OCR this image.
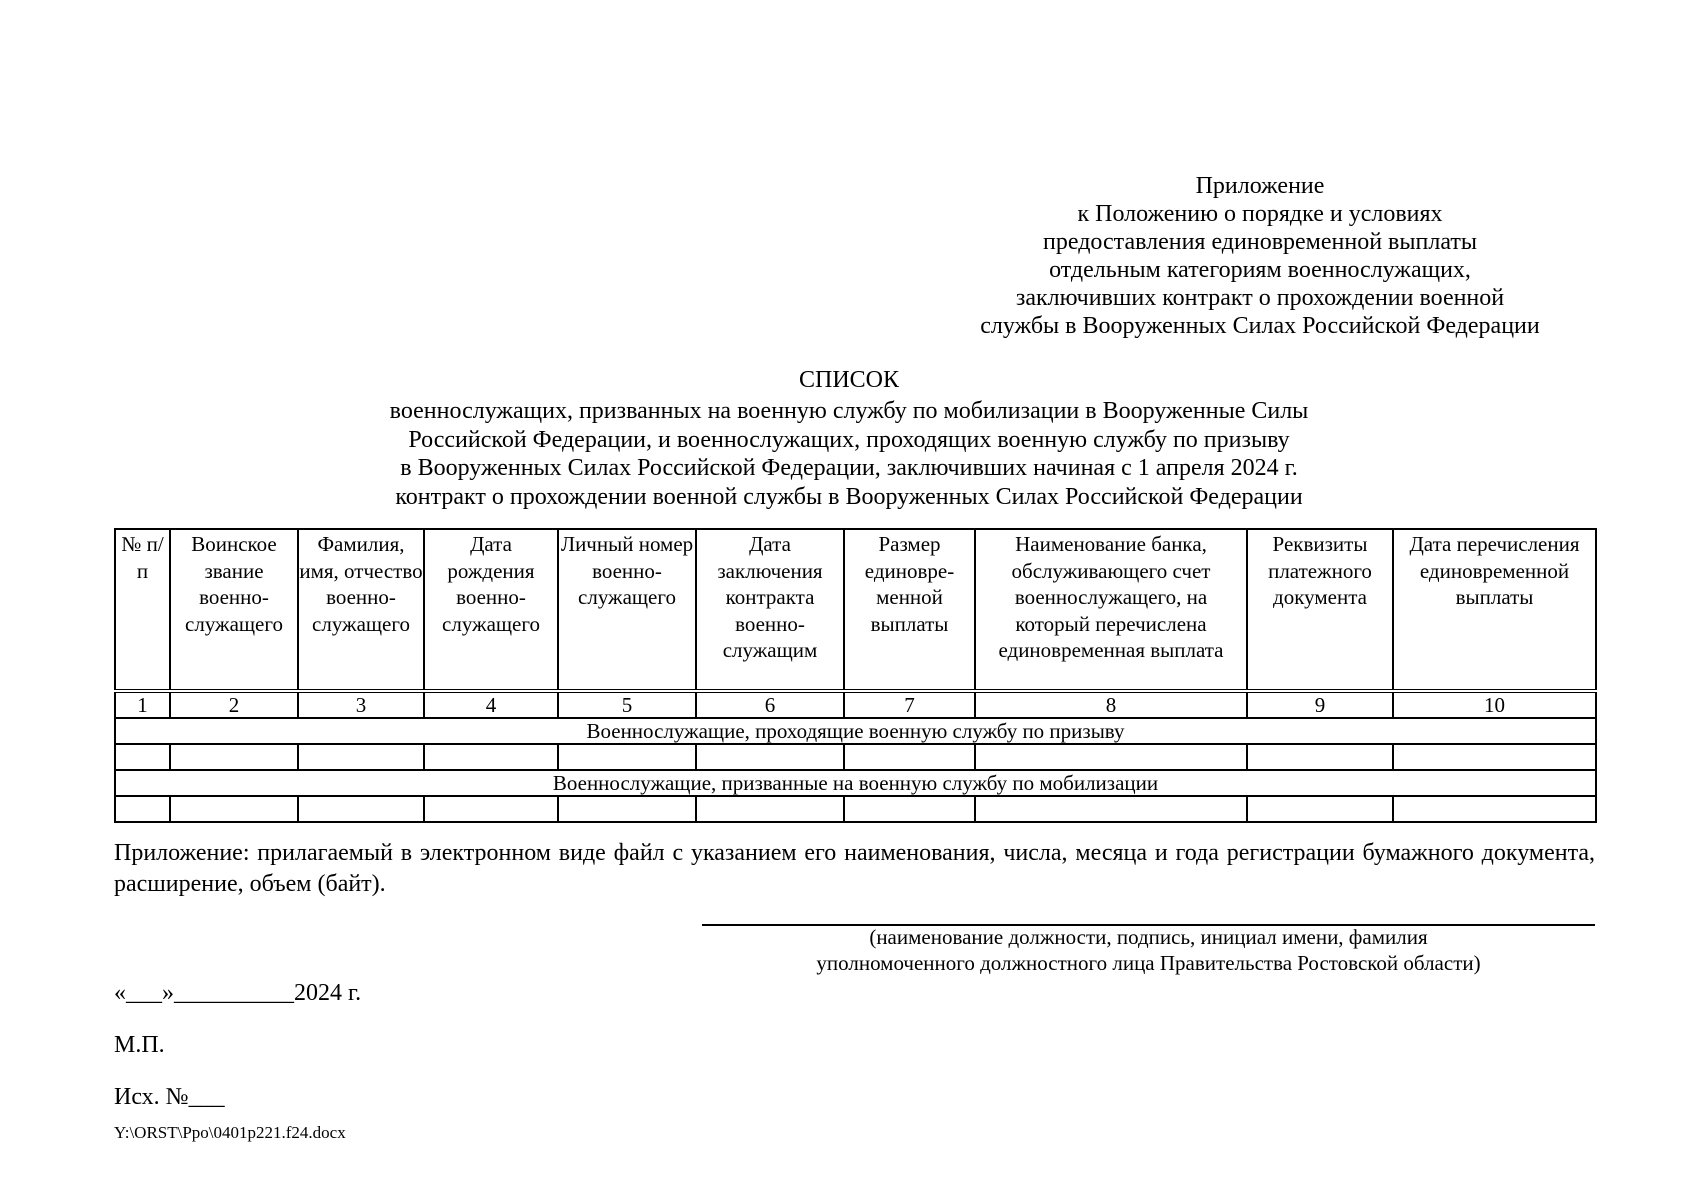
Приложение
к Положению о порядке и условиях
предоставления единовременной выплаты
отдельным категориям военнослужащих,
заключивших контракт о прохождении военной
службы в Вооруженных Силах Российской Федерации
СПИСОК
военнослужащих, призванных на военную службу по мобилизации в Вооруженные Силы
Российской Федерации, и военнослужащих, проходящих военную службу по призыву
в Вооруженных Силах Российской Федерации, заключивших начиная с 1 апреля 2024 г.
контракт о прохождении военной службы в Вооруженных Силах Российской Федерации
№ п/п	Воинское звание военно-служащего	Фамилия, имя, отчество военно-служащего	Дата рождения военно-служащего	Личный номер военно-служащего	Дата заключения контракта военно-служащим	Размер единовре-менной выплаты	Наименование банка, обслуживающего счет военнослужащего, на который перечислена единовременная выплата	Реквизиты платежного документа	Дата перечисления единовременной выплаты
1	2	3	4	5	6	7	8	9	10
Военнослужащие, проходящие военную службу по призыву									

Военнослужащие, призванные на военную службу по мобилизации									

Приложение: прилагаемый в электронном виде файл с указанием его наименования, числа, месяца и года регистрации бумажного документа, расширение, объем (байт).
(наименование должности, подпись, инициал имени, фамилия
уполномоченного должностного лица Правительства Ростовской области)
«___»__________2024 г.
М.П.
Исх. №___
Y:\ORST\Ppo\0401p221.f24.docx
